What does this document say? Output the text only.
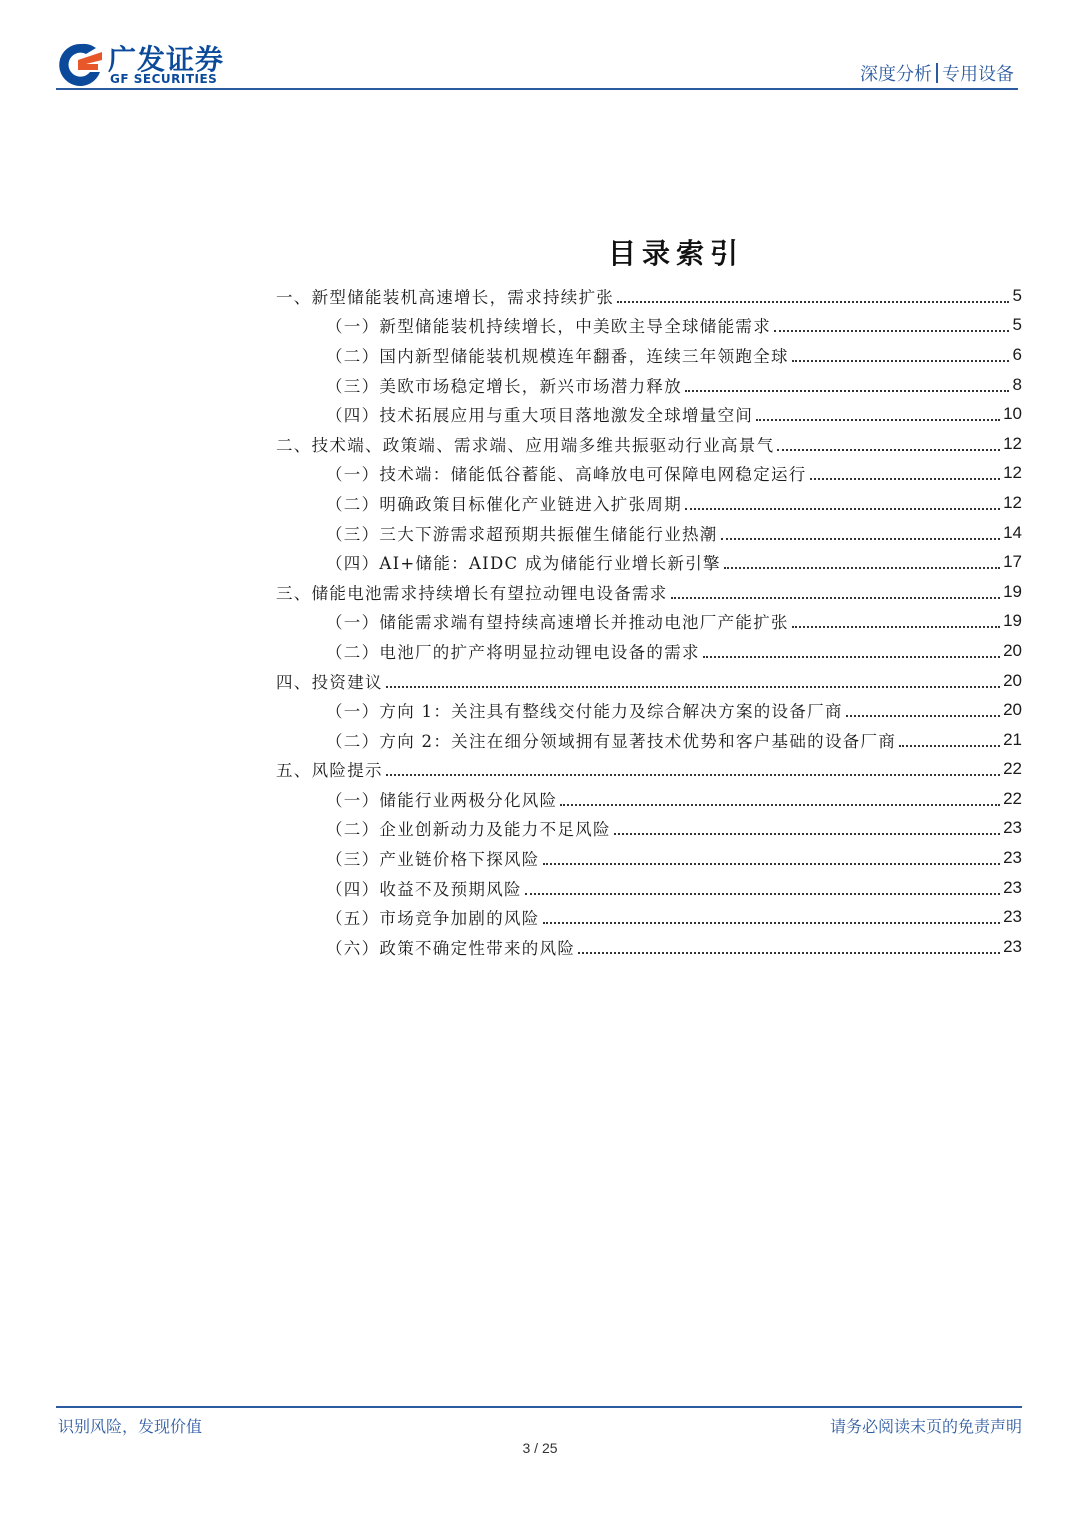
广发证券
GF SECURITIES	深度分析 专用设备
目录索引
一、新型储能装机高速增长，需求持续扩张	5
（一）新型储能装机持续增长，中美欧主导全球储能需求	5
（二）国内新型储能装机规模连年翻番，连续三年领跑全球	6
（三）美欧市场稳定增长，新兴市场潜力释放	8
（四）技术拓展应用与重大项目落地激发全球增量空间	10
二、技术端、政策端、需求端、应用端多维共振驱动行业高景气	12
（一）技术端：储能低谷蓄能、高峰放电可保障电网稳定运行	12
（二）明确政策目标催化产业链进入扩张周期	12
（三）三大下游需求超预期共振催生储能行业热潮	14
（四）AI+储能：AIDC 成为储能行业增长新引擎	17
三、储能电池需求持续增长有望拉动锂电设备需求	19
（一）储能需求端有望持续高速增长并推动电池厂产能扩张	19
（二）电池厂的扩产将明显拉动锂电设备的需求	20
四、投资建议	20
（一）方向 1：关注具有整线交付能力及综合解决方案的设备厂商	20
（二）方向 2：关注在细分领域拥有显著技术优势和客户基础的设备厂商	21
五、风险提示	22
（一）储能行业两极分化风险	22
（二）企业创新动力及能力不足风险	23
（三）产业链价格下探风险	23
（四）收益不及预期风险	23
（五）市场竞争加剧的风险	23
（六）政策不确定性带来的风险	23
识别风险，发现价值	请务必阅读末页的免责声明
3 / 25
